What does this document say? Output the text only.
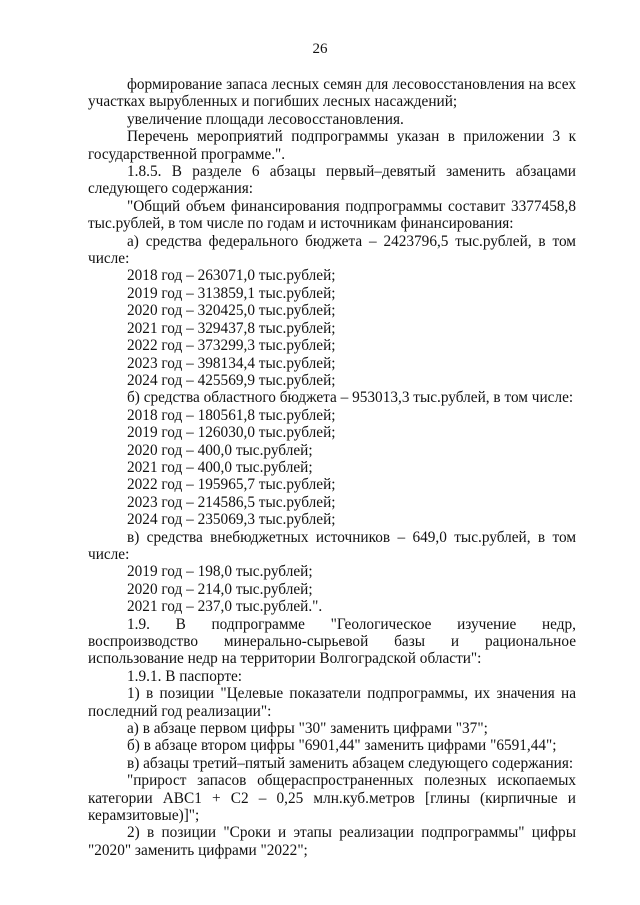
26

формирование запаса лесных семян для лесовосстановления на всех участках вырубленных и погибших лесных насаждений;

увеличение площади лесовосстановления.

Перечень мероприятий подпрограммы указан в приложении 3 к государственной программе.".

1.8.5. В разделе 6 абзацы первый–девятый заменить абзацами следующего содержания:

"Общий объем финансирования подпрограммы составит 3377458,8 тыс.рублей, в том числе по годам и источникам финансирования:

а) средства федерального бюджета – 2423796,5 тыс.рублей, в том числе:

2018 год – 263071,0 тыс.рублей;

2019 год – 313859,1 тыс.рублей;

2020 год – 320425,0 тыс.рублей;

2021 год – 329437,8 тыс.рублей;

2022 год – 373299,3 тыс.рублей;

2023 год – 398134,4 тыс.рублей;

2024 год – 425569,9 тыс.рублей;

б) средства областного бюджета – 953013,3 тыс.рублей, в том числе:

2018 год – 180561,8 тыс.рублей;

2019 год – 126030,0 тыс.рублей;

2020 год – 400,0 тыс.рублей;

2021 год – 400,0 тыс.рублей;

2022 год – 195965,7 тыс.рублей;

2023 год – 214586,5 тыс.рублей;

2024 год – 235069,3 тыс.рублей;

в) средства внебюджетных источников – 649,0 тыс.рублей, в том числе:

2019 год – 198,0 тыс.рублей;

2020 год – 214,0 тыс.рублей;

2021 год – 237,0 тыс.рублей.".

1.9. В подпрограмме "Геологическое изучение недр, воспроизводство минерально-сырьевой базы и рациональное использование недр на территории Волгоградской области":

1.9.1. В паспорте:

1) в позиции "Целевые показатели подпрограммы, их значения на последний год реализации":

а) в абзаце первом цифры "30" заменить цифрами "37";

б) в абзаце втором цифры "6901,44" заменить цифрами "6591,44";

в) абзацы третий–пятый заменить абзацем следующего содержания:

"прирост запасов общераспространенных полезных ископаемых категории АВС1 + С2 – 0,25 млн.куб.метров [глины (кирпичные и керамзитовые)]";

2) в позиции "Сроки и этапы реализации подпрограммы" цифры "2020" заменить цифрами "2022";
